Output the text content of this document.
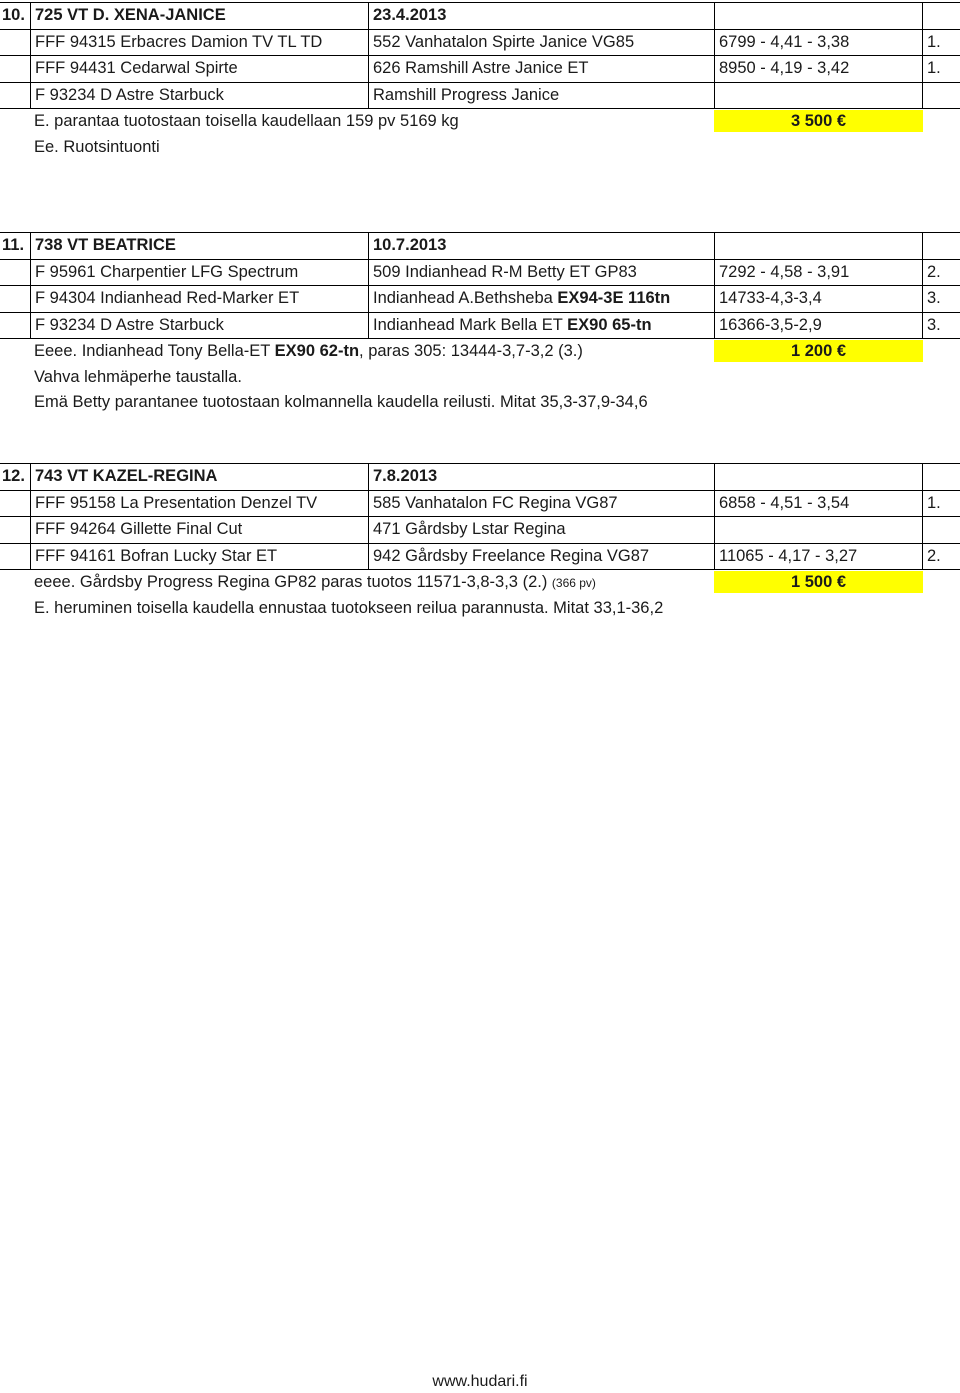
10. 725 VT D. XENA-JANICE	23.4.2013
FFF 94315 Erbacres Damion TV TL TD	552 Vanhatalon Spirte Janice VG85	6799 - 4,41 - 3,38	1.
FFF 94431 Cedarwal Spirte	626 Ramshill Astre Janice ET	8950 - 4,19 - 3,42	1.
F 93234 D Astre Starbuck	Ramshill Progress Janice
E. parantaa tuotostaan toisella kaudellaan 159 pv 5169 kg	3 500 €
Ee. Ruotsintuonti
11. 738 VT BEATRICE	10.7.2013
F 95961 Charpentier LFG Spectrum	509 Indianhead R-M Betty ET GP83	7292 - 4,58 - 3,91	2.
F 94304 Indianhead Red-Marker ET	Indianhead A.Bethsheba EX94-3E 116tn	14733-4,3-3,4	3.
F 93234 D Astre Starbuck	Indianhead Mark Bella ET EX90 65-tn	16366-3,5-2,9	3.
Eeee. Indianhead Tony Bella-ET EX90 62-tn, paras 305: 13444-3,7-3,2 (3.)	1 200 €
Vahva lehmäperhe taustalla.
Emä Betty parantanee tuotostaan kolmannella kaudella reilusti. Mitat 35,3-37,9-34,6
12. 743 VT KAZEL-REGINA	7.8.2013
FFF 95158 La Presentation Denzel TV	585 Vanhatalon FC Regina VG87	6858 - 4,51 - 3,54	1.
FFF 94264 Gillette Final Cut	471 Gårdsby Lstar Regina
FFF 94161 Bofran Lucky Star ET	942 Gårdsby Freelance Regina VG87	11065 - 4,17 - 3,27	2.
eeee. Gårdsby Progress Regina GP82 paras tuotos 11571-3,8-3,3 (2.) (366 pv)	1 500 €
E. heruminen toisella kaudella ennustaa tuotokseen reilua parannusta. Mitat 33,1-36,2
www.hudari.fi
